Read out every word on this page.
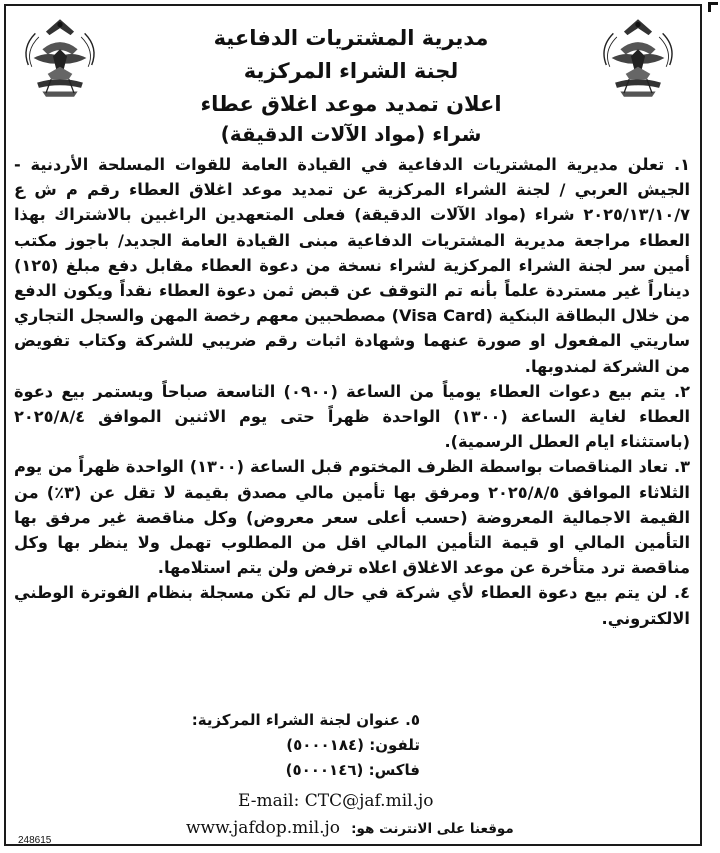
مديرية المشتريات الدفاعية
لجنة الشراء المركزية
اعلان تمديد موعد اغلاق عطاء
شراء (مواد الآلات الدقيقة)

١. تعلن مديرية المشتريات الدفاعية في القيادة العامة للقوات المسلحة الأردنية - الجيش العربي / لجنة الشراء المركزية عن تمديد موعد اغلاق العطاء رقم م ش ع ٢٠٢٥/١٣/١٠/٧ شراء (مواد الآلات الدقيقة) فعلى المتعهدين الراغبين بالاشتراك بهذا العطاء مراجعة مديرية المشتريات الدفاعية مبنى القيادة العامة الجديد/ باجوز مكتب أمين سر لجنة الشراء المركزية لشراء نسخة من دعوة العطاء مقابل دفع مبلغ (١٢٥) ديناراً غير مستردة علماً بأنه تم التوقف عن قبض ثمن دعوة العطاء نقداً ويكون الدفع من خلال البطاقة البنكية (Visa Card) مصطحبين معهم رخصة المهن والسجل التجاري ساريتي المفعول او صورة عنهما وشهادة اثبات رقم ضريبي للشركة وكتاب تفويض من الشركة لمندوبها.

٢. يتم بيع دعوات العطاء يومياً من الساعة (٠٩٠٠) التاسعة صباحاً ويستمر بيع دعوة العطاء لغاية الساعة (١٣٠٠) الواحدة ظهراً حتى يوم الاثنين الموافق ٢٠٢٥/٨/٤ (باستثناء ايام العطل الرسمية).

٣. تعاد المناقصات بواسطة الظرف المختوم قبل الساعة (١٣٠٠) الواحدة ظهراً من يوم الثلاثاء الموافق ٢٠٢٥/٨/٥ ومرفق بها تأمين مالي مصدق بقيمة لا تقل عن (٣٪) من القيمة الاجمالية المعروضة (حسب أعلى سعر معروض) وكل مناقصة غير مرفق بها التأمين المالي او قيمة التأمين المالي اقل من المطلوب تهمل ولا ينظر بها وكل مناقصة ترد متأخرة عن موعد الاغلاق اعلاه ترفض ولن يتم استلامها.

٤. لن يتم بيع دعوة العطاء لأي شركة في حال لم تكن مسجلة بنظام الفوترة الوطني الالكتروني.

٥. عنوان لجنة الشراء المركزية:
تلفون: (٥٠٠٠١٨٤)
فاكس: (٥٠٠٠١٤٦)
E-mail: CTC@jaf.mil.jo
www.jafdop.mil.jo موقعنا على الانترنت هو:
248615
